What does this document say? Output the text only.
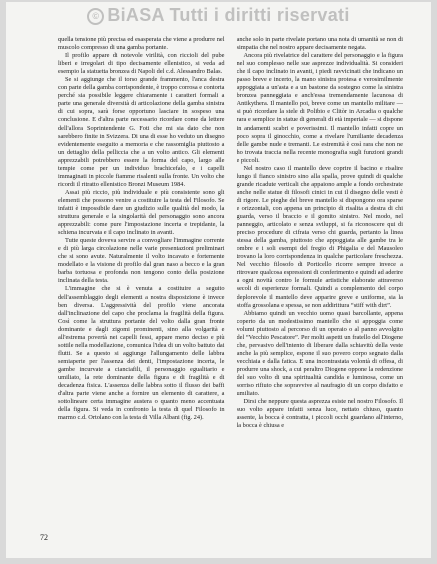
© BiASA Tutti i diritti riservati

quella tensione più precisa ed esasperata che viene a produrre nel muscolo compresso di una gamba portante.

Il profilo appare di notevole virilità, con riccioli del pube liberi e irregolari di tipo decisamente ellenistico, si veda ad esempio la statuetta bronzea di Napoli del c.d. Alessandro Balas.

Se si aggiunge che il torso grande frammento, l'anca destra con parte della gamba corrispondente, è troppo corrosa e contorta perché sia possibile leggere chiaramente i caratteri formali a parte una generale diversità di articolazione della gamba sinistra di cui sopra, sarà forse opportuno lasciare in sospeso una conclusione. E d'altra parte necessario ricordare come da lettere dell'allora Soprintendente G. Foti che mi sia dato che non sarebbero finite in Svizzera. Di una di esse ho veduto un disegno evidentemente eseguito a memoria e che rassomiglia piuttosto a un dettaglio della pelliccia che a un volto antico. Gli elementi apprezzabili potrebbero essere la forma del capo, largo alle tempie come per un individuo brachicefalo, e i capelli immaginati in piccole fiamme risalenti sulla fronte. Un volto che ricordi il ritratto ellenistico Bronzi Museum 1984.

Assai più riccio, più individuale e più consistente sono gli elementi che possono venire a costituire la testa del Filosofo. Se infatti è impossibile dare un giudizio sulle qualità del modo, la struttura generale e la singolarità del personaggio sono ancora apprezzabili: come pure l'impostazione incerta e trepidante, la schiena incurvata e il capo inclinato in avanti.

Tutte queste doveva servire a convogliare l'immagine corrente e di più larga circolazione nelle varie presentazioni preliminari che si sono avute. Naturalmente il volto incavato e fortemente modellato e la visione di profilo dal gran naso a becco e la gran barba tortuosa e profonda non tengono conto della posizione inclinata della testa.

L'immagine che si è venuta a costituire a seguito dell'assemblaggio degli elementi a nostra disposizione è invece ben diversa. L'aggressività del profilo viene ancorata dall'inclinazione del capo che proclama la fragilità della figura. Così come la struttura portante del volto dalla gran fronte dominante e dagli zigomi prominenti, sino alla volgarità e all'estrema povertà nei capelli fessi, appare meno deciso e più sottile nella modellazione, comunica l'idea di un volto battuto dai flutti. Se a questo si aggiunge l'allungamento delle labbra semiaperte per l'assenza dei denti, l'impostazione incerta, le gambe incurvate a cianciafili, il personaggio egualitario e umiliato, la rete dominante della figura e di fragilità e di decadenza fisica. L'assenza delle labbra sotto il flusso dei baffi d'altra parte viene anche a fornire un elemento di carattere, a sottolineare certa immagine austera o quanto meno accentuata della figura. Si veda in confronto la testa di quel Filosofo in marmo c.d. Ortolano con la testa di Villa Albani (fig. 24).

anche solo in parte rivelate portano una nota di umanità se non di simpatia che nel nostro appare decisamente negata.

Ancora più rivelatrice del carattere del personaggio e la figura nel suo complesso nelle sue asprezze individualità. Si consideri che il capo inclinato in avanti, i piedi ravvicinati che indicano un passo breve e incerto, la mano sinistra protesa e verosimilmente appoggiata a un'asta e a un bastone da sostegno come la sinistra bronzea panneggiata e anch'essa tremendamente lacunosa di Antikythera. Il mantello poi, breve come un mantello militare — si può ricordare la stele di Polibio e Clitòr in Arcadia o qualche rara e semplice in statue di generali di età imperiale — si dispone in andamenti scabri e poverissimi. Il mantello infatti copre un poco sopra il ginocchio, come a rivelare l'umiliante decadenza delle gambe nude e tremanti. Le estremità è così rara che non ne ho trovata traccia nella recente monografia sugli funzioni grandi e piccoli.

Nel nostro caso il mantello deve coprire il bacino e risalire lungo il fianco sinistro sino alla spalla, prove quindi di qualche grande ricadute verticali che appaiono ample a fondo orchestrate anche nelle statue di filosofi cinici in cui il disegno delle vesti è di rigore. Le pieghe del breve mantello si dispongono ora sparse e orizzontali, con appena un principio di risalita a destra di chi guarda, verso il braccio e il gomito sinistro. Nel modo, nel panneggio, articolato e senza sviluppi, si fa riconoscere qui di preciso procedure di cifrata verso chi guarda, pertanto la linea stessa della gamba, piuttosto che appoggiata alle gambe tra le ombre e i soli esempi del fregio di Phigalia e del Mausoleo trovano la loro corrispondenza in qualche particolare freschezza. Nel vecchio filosofo di Porticello ricorre sempre invece a ritrovare qualcosa espressioni di conferimento e quindi ad aderire a ogni novità contro le formule artistiche elaborate attraverso secoli di esperienze formali. Quindi a complemento del corpo deplorevole il mantello deve apparire greve e uniforme, sia la stoffa grossolana e spessa, se non addirittura “stiff with dirt”.

Abbiamo quindi un vecchio uomo quasi barcollante, appena coperto da un modestissimo mantello che si appoggia come volumi piuttosto al percorso di un operaio o al panno avvolgito del “Vecchio Pescatore”. Per molti aspetti un fratello del Diogene che, pervasivo dell'intento di liberare dalla schiavitù della veste anche la più semplice, espone il suo povero corpo segnato dalla vecchiaia e dalla fatica. E una incontrastata volontà di offesa, di produrre una shock, a cui peraltro Diogene oppone la redenzione del suo volto di una spiritualità candida e luminosa, come un sorriso rifiuto che sopravvive al naufragio di un corpo disfatto e umiliato.

Dirsi che neppure questa asprezza esiste nel nostro Filosofo. Il suo volto appare infatti senza luce, nettato chiuso, quanto assente, la bocca è contratta, i piccoli occhi guardano all'interno, la bocca è chiusa e

72
